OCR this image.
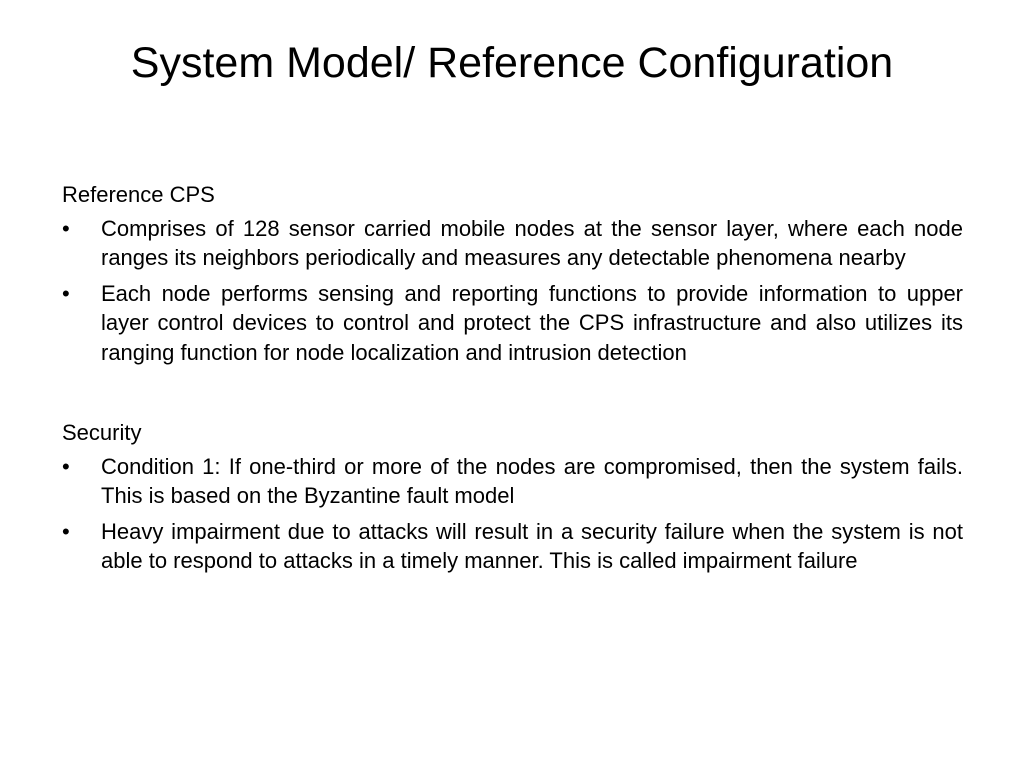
System Model/ Reference Configuration

Reference CPS

•	Comprises of 128 sensor carried mobile nodes at the sensor layer, where each node ranges its neighbors periodically and measures any detectable phenomena nearby
•	Each node performs sensing and reporting functions to provide information to upper layer control devices to control and protect the CPS infrastructure and also utilizes its ranging function for node localization and intrusion detection

Security

•	Condition 1: If one-third or more of the nodes are compromised, then the system fails. This is based on the Byzantine fault model
•	Heavy impairment due to attacks will result in a security failure when the system is not able to respond to attacks in a timely manner. This is called impairment failure
